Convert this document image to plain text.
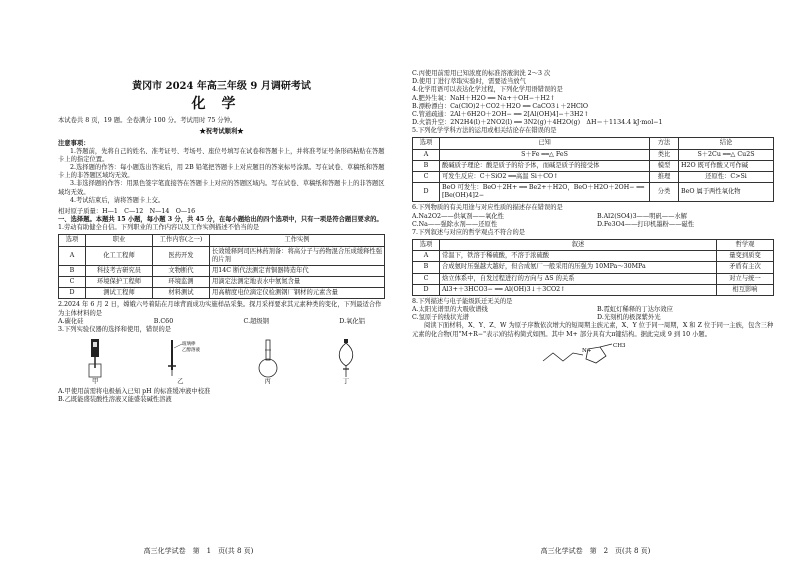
黄冈市 2024 年高三年级 9 月调研考试
化学

本试卷共 8 页，19 题。全卷满分 100 分。考试用时 75 分钟。

★祝考试顺利★

注意事项：

1.答题前，先将自己的姓名、准考证号、考场号、座位号填写在试卷和答题卡上，并将准考证号条形码粘贴在答题卡上的指定位置。

2.选择题的作答：每小题选出答案后，用 2B 铅笔把答题卡上对应题目的答案标号涂黑。写在试卷、草稿纸和答题卡上的非答题区域均无效。

3.非选择题的作答：用黑色签字笔直接答在答题卡上对应的答题区域内。写在试卷、草稿纸和答题卡上的非答题区域均无效。

4.考试结束后，请将答题卡上交。

相对原子质量：H—1　C—12　N—14　O—16

一、选择题。本题共 15 小题，每小题 3 分，共 45 分，在每小题给出的四个选项中，只有一项是符合题目要求的。

1.劳动有助健全自信。下列职业的工作内容以及工作实例描述不恰当的是

选项	职业	工作内容(之一)	工作实例
A	化工工程师	医药开发	长效缓释阿司匹林药剂备：将高分子与药物混合压成缓释性强的片剂
B	科技考古研究员	文物断代	用14C 断代法测定青铜器铸造年代
C	环境保护工程师	环境监测	用滴定法测定地表水中氨氮含量
D	测试工程师	材料测试	用高精度电位滴定仪检测钢厂钢材的元素含量

2.2024 年 6 月 2 日，嫦娥六号着陆在月球背面成功实施样品采集。探月采样要求其元素种类的变化，下列最适合作为主体材料的是

A.碳化硅	B.C60	C.超级钢	D.氧化铝

3.下列实验仪器的选择和使用，错误的是

甲
玻璃棒
乙醇溶液
乙	丙	丁

A.甲使用前需将电极插入已知 pH 的标准缓冲液中校准

B.乙既能盛装酸性溶液又能盛装碱性溶液

高三化学试卷　第　1　页(共 8 页)

C.丙使用前需用已知浓度的标准溶液润洗 2～3 次

D.使用丁进行萃取实验时，需要适当放气

4.化学用语可以表达化学过程，下列化学用语错误的是

A.肥外生氧：NaH＋H2O ══ Na+＋OH−＋H2↑

B.漂粉漂白：Ca(ClO)2＋CO2＋H2O ══ CaCO3↓＋2HClO

C.管道疏通：2Al＋6H2O＋2OH− ══ 2[Al(OH)4]−＋3H2↑

D.火箭升空：2N2H4(l)＋2NO2(l) ══ 3N2(g)＋4H2O(g)　ΔH＝＋1134.4 kJ·mol−1

5.下列化学学科方法的运用或相关结论存在错误的是

选项	已知	方法	结论
A	S＋Fe ══△ FeS	类比	S＋2Cu ══△ Cu2S
B	酸碱质子理论：酸是质子的给予体，而碱是质子的接受体	模型	H2O 既可作酸又可作碱
C	可发生反应：C＋SiO2 ══高温 Si＋CO↑	推理	还原性：C>Si
D	BeO 可发生：BeO＋2H+ ══ Be2+＋H2O，BeO＋H2O＋2OH− ══ [Be(OH)4]2−	分类	BeO 属于两性氧化物

6.下列物质的有关用途与对应性质的描述存在错误的是

A.Na2O2——供氧剂——氧化性	B.Al2(SO4)3——明矾——水解
C.Na——强除水剂——还原性	D.Fe3O4——打印机墨粉——磁性

7.下列叙述与对应的哲学观点不符合的是

选项	叙述	哲学观
A	常温下，铁溶于稀硫酸，不溶于浓硫酸	量变到质变
B	合成氨时压强越大越好，但合成氨厂一般采用的压强为 10MPa～30MPa	矛盾有主次
C	焓立体系中，自发过程进行的方向与 ΔS 的关系	对立与统一
D	Al3+＋3HCO3− ══ Al(OH)3↓＋3CO2↑	相互影响

8.下列描述与电子能级跃迁无关的是

A.太阳光谱里的大吸收谱线	B.霓虹灯稀释的丁达尔效应
C.氢原子的线状光谱	D.光刻机的极深紫外光

阅读下面材料，X、Y、Z、W 为原子序数依次增大的短周期主族元素，X、Y 位于同一周期，X 和 Z 位于同一主族，包含三种元素的化合物(用"M+R−"表示)的结构简式如图。其中 M+ 部分具有大π键结构。据此完成 9 到 10 小题。

N+
CH3
高三化学试卷　第　2　页(共 8 页)
